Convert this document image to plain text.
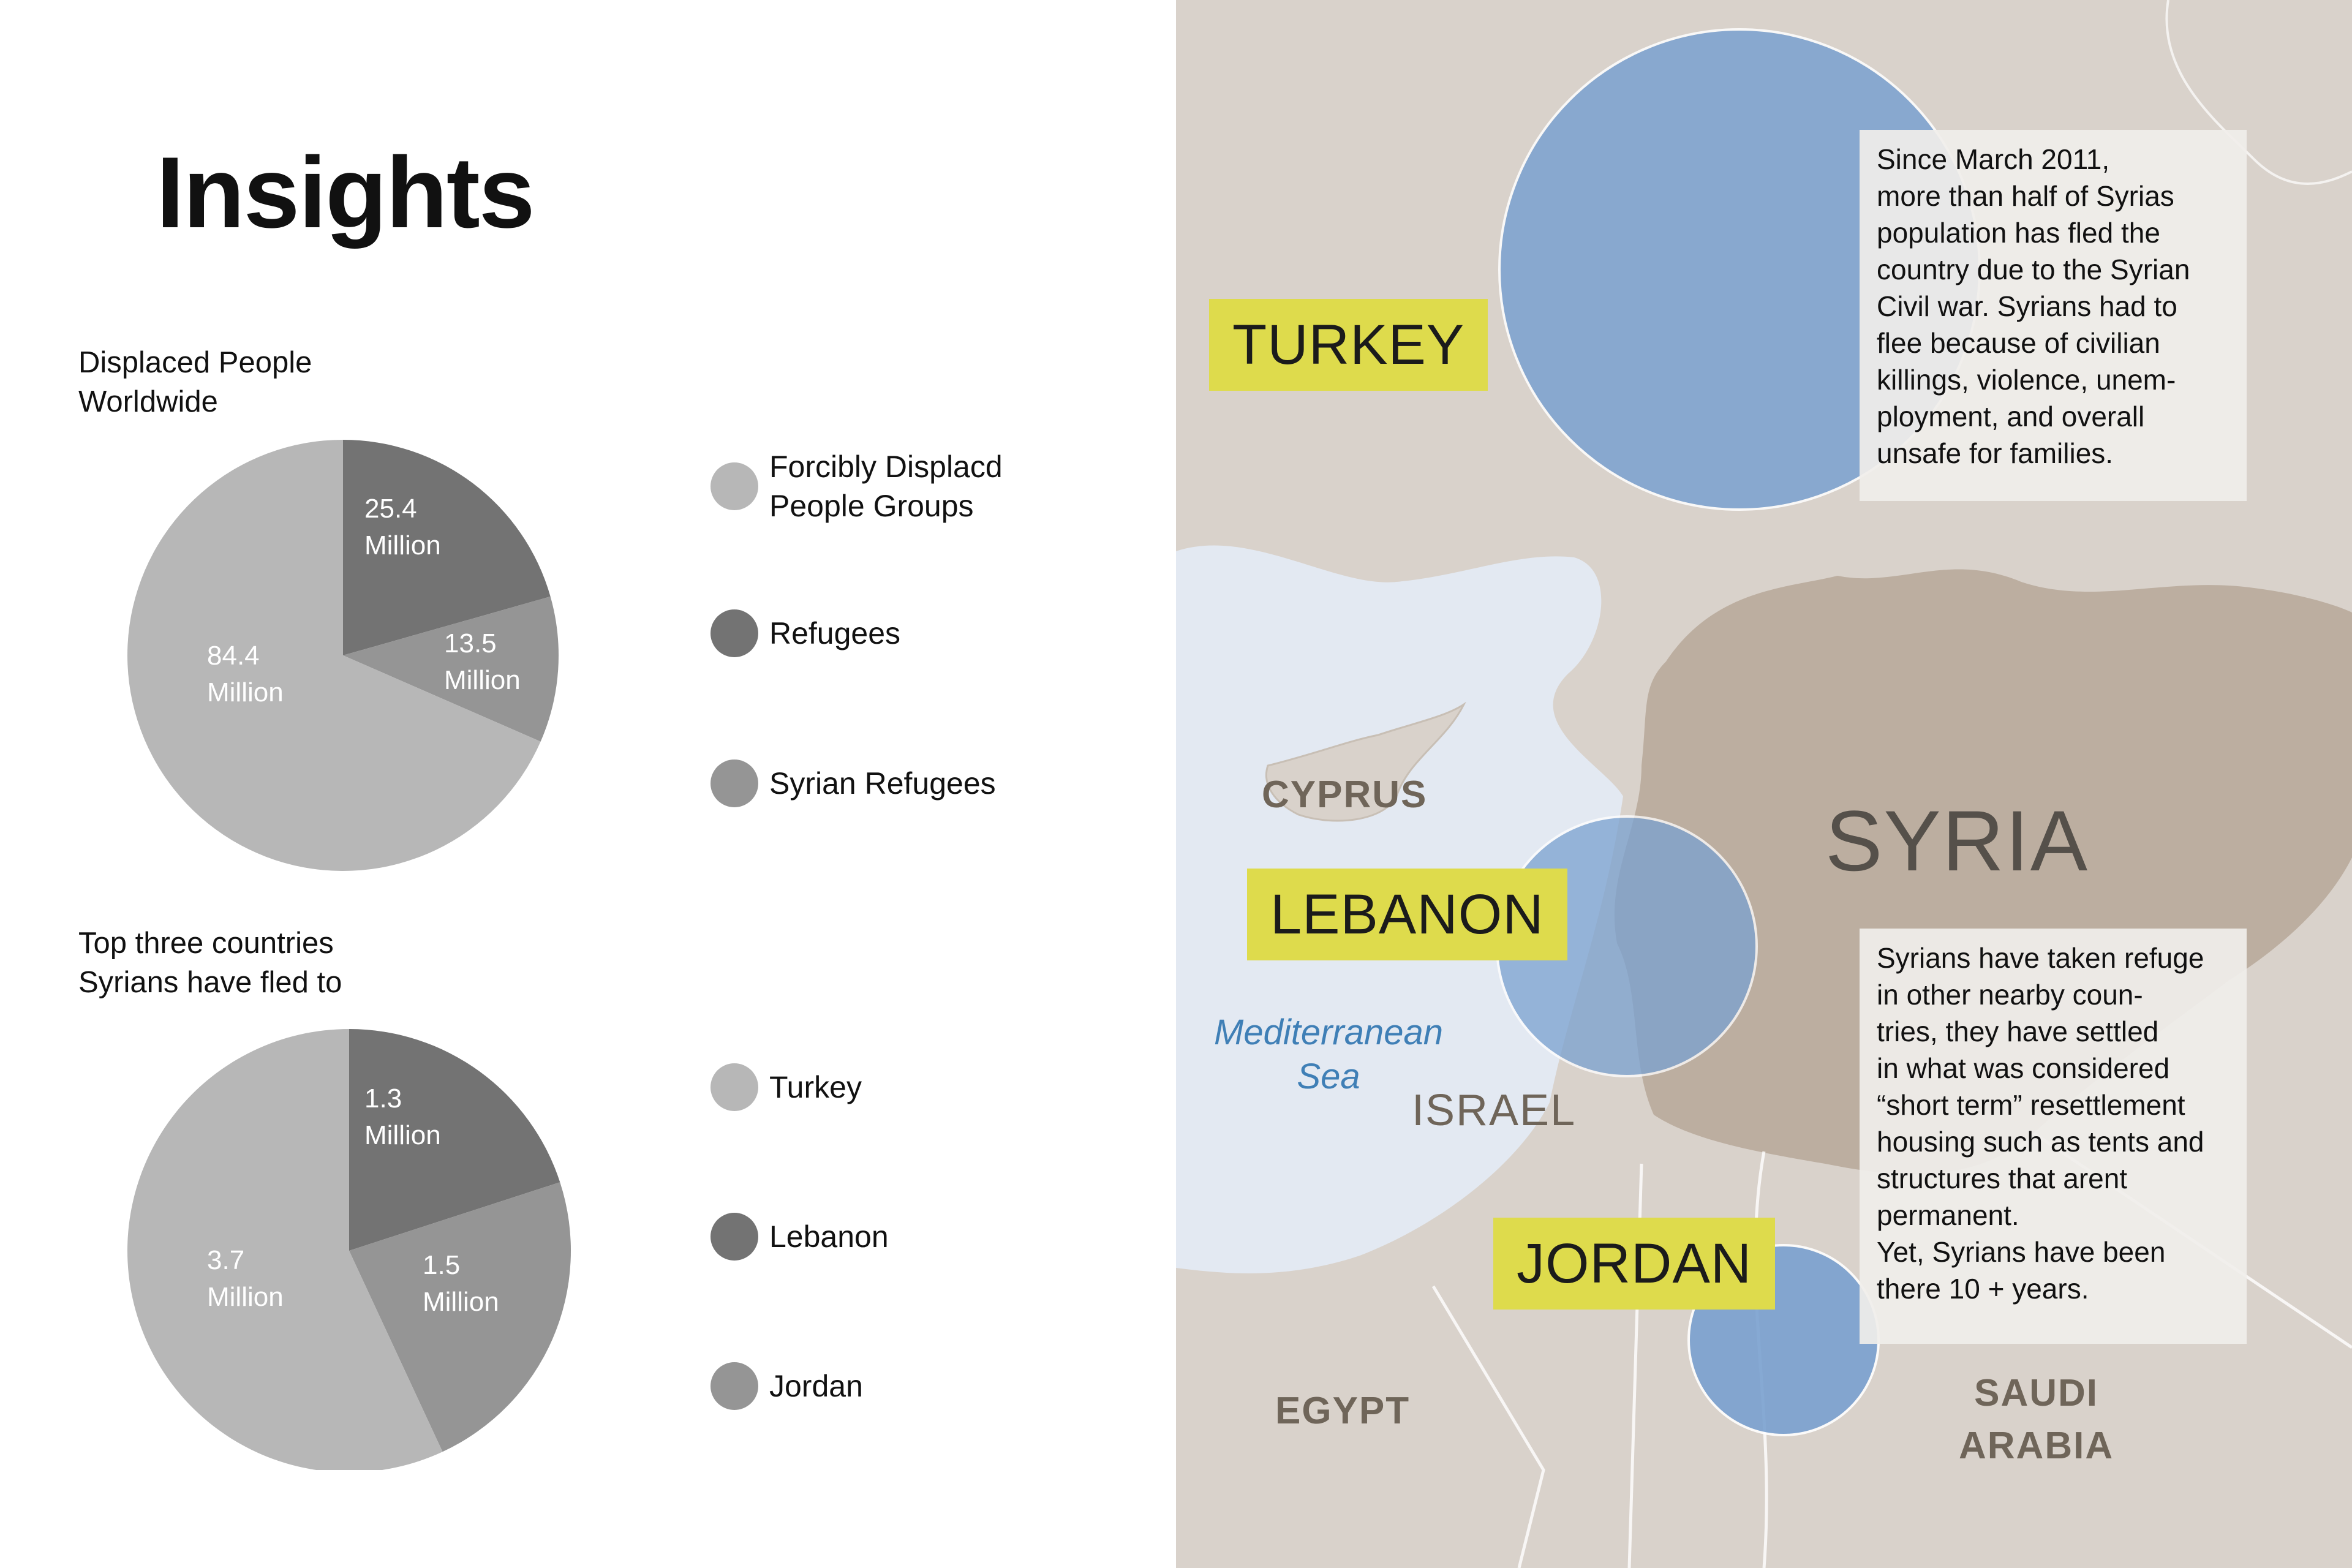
Insights

Displaced People
Worldwide

25.4 Million
13.5 Million
84.4 Million
Forcibly Displacd
People Groups
Refugees
Syrian Refugees

Top three countries
Syrians have fled to

1.3 Million
1.5 Million
3.7 Million
Turkey
Lebanon
Jordan
TURKEY
LEBANON
JORDAN
CYPRUS	SYRIA
ISRAEL
EGYPT	SAUDI
ARABIA
Mediterranean
Sea
Since March 2011,
more than half of Syrias
population has fled the
country due to the Syrian
Civil war. Syrians had to
flee because of civilian
killings, violence, unem-
ployment, and overall
unsafe for families.
Syrians have taken refuge
in other nearby coun-
tries, they have settled
in what was considered
“short term” resettlement
housing such as tents and
structures that arent
permanent.
Yet, Syrians have been
there 10 + years.
